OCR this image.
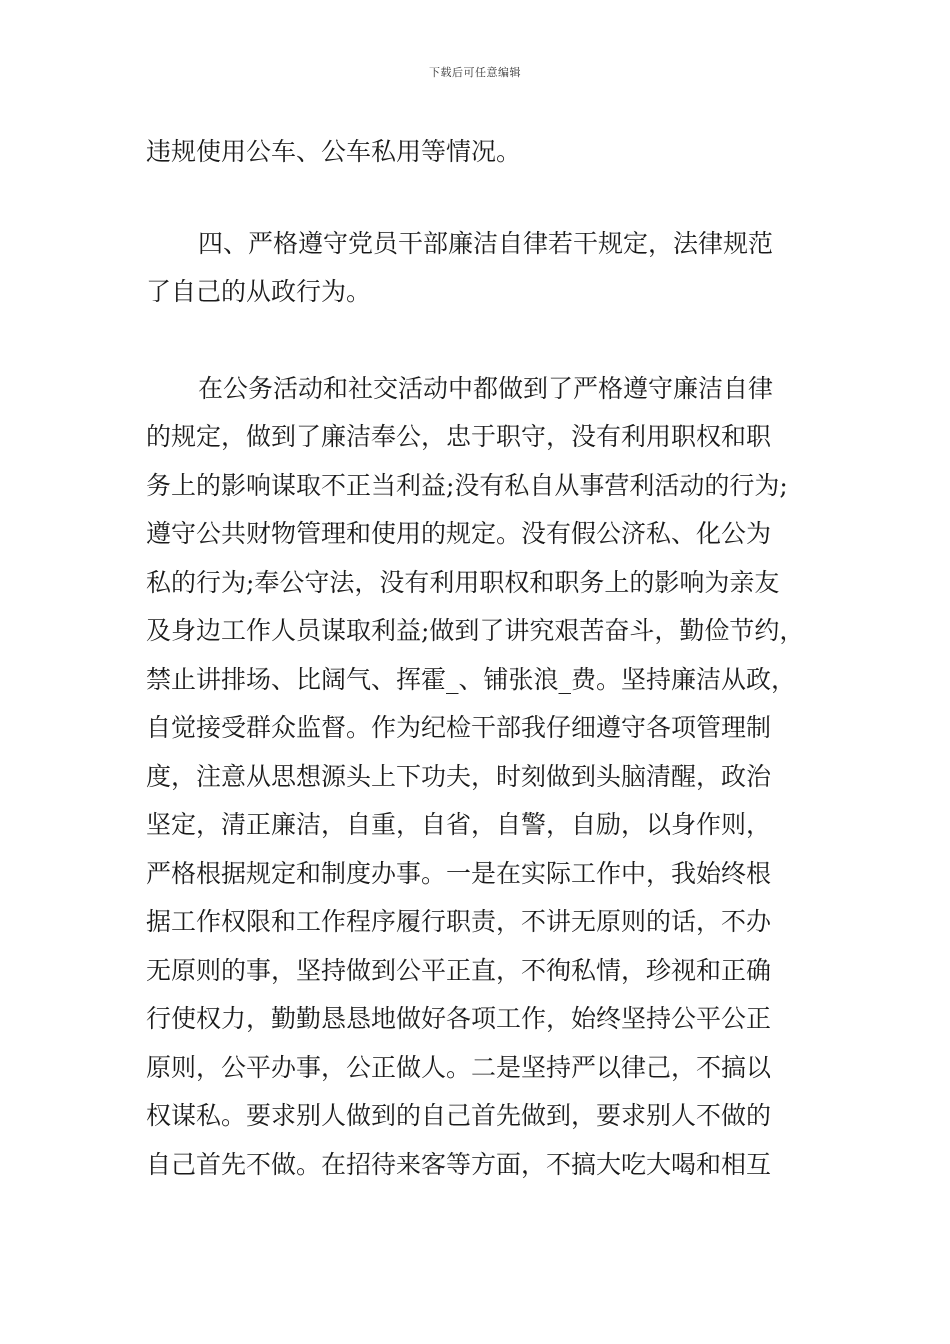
下载后可任意编辑

违规使用公车、公车私用等情况。

四、严格遵守党员干部廉洁自律若干规定，法律规范
了自己的从政行为。

在公务活动和社交活动中都做到了严格遵守廉洁自律
的规定，做到了廉洁奉公，忠于职守，没有利用职权和职
务上的影响谋取不正当利益;没有私自从事营利活动的行为;
遵守公共财物管理和使用的规定。没有假公济私、化公为
私的行为;奉公守法，没有利用职权和职务上的影响为亲友
及身边工作人员谋取利益;做到了讲究艰苦奋斗，勤俭节约，
禁止讲排场、比阔气、挥霍_、铺张浪_费。坚持廉洁从政，
自觉接受群众监督。作为纪检干部我仔细遵守各项管理制
度，注意从思想源头上下功夫，时刻做到头脑清醒，政治
坚定，清正廉洁，自重，自省，自警，自励，以身作则，
严格根据规定和制度办事。一是在实际工作中，我始终根
据工作权限和工作程序履行职责，不讲无原则的话，不办
无原则的事，坚持做到公平正直，不徇私情，珍视和正确
行使权力，勤勤恳恳地做好各项工作，始终坚持公平公正
原则，公平办事，公正做人。二是坚持严以律己，不搞以
权谋私。要求别人做到的自己首先做到，要求别人不做的
自己首先不做。在招待来客等方面，不搞大吃大喝和相互
